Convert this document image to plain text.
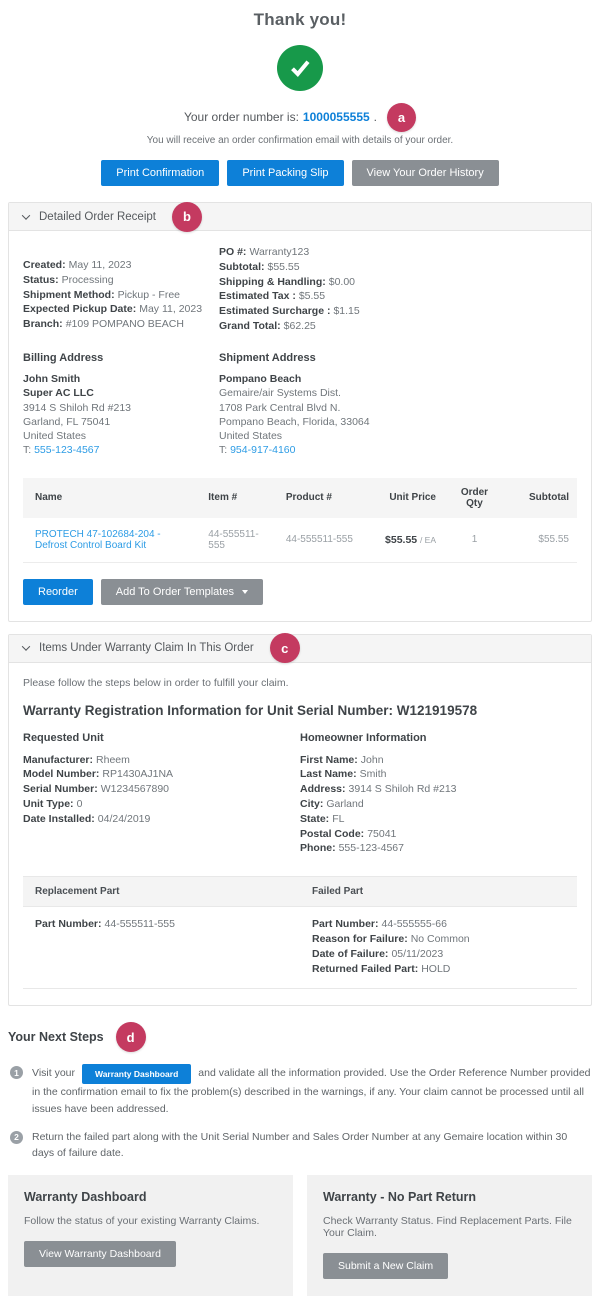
Thank you!
Your order number is: 1000055555 .	a
You will receive an order confirmation email with details of your order.
Print Confirmation	Print Packing Slip	View Your Order History
Detailed Order Receipt	b
Created: May 11, 2023
Status: Processing
Shipment Method: Pickup - Free
Expected Pickup Date: May 11, 2023
Branch: #109 POMPANO BEACH
PO #: Warranty123
Subtotal: $55.55
Shipping & Handling: $0.00
Estimated Tax : $5.55
Estimated Surcharge : $1.15
Grand Total: $62.25
Billing Address
John Smith
Super AC LLC
3914 S Shiloh Rd #213
Garland, FL 75041
United States
T: 555-123-4567
Shipment Address
Pompano Beach
Gemaire/air Systems Dist.
1708 Park Central Blvd N.
Pompano Beach, Florida, 33064
United States
T: 954-917-4160
Name	Item #	Product #	Unit Price	Order Qty	Subtotal
PROTECH 47-102684-204 - Defrost Control Board Kit	44-555511-555	44-555511-555	$55.55 / EA	1	$55.55
Reorder	Add To Order Templates
Items Under Warranty Claim In This Order	c
Please follow the steps below in order to fulfill your claim.
Warranty Registration Information for Unit Serial Number: W121919578
Requested Unit
Manufacturer: Rheem
Model Number: RP1430AJ1NA
Serial Number: W1234567890
Unit Type: 0
Date Installed: 04/24/2019
Homeowner Information
First Name: John
Last Name: Smith
Address: 3914 S Shiloh Rd #213
City: Garland
State: FL
Postal Code: 75041
Phone: 555-123-4567
Replacement Part	Failed Part
Part Number: 44-555511-555	Part Number: 44-555555-66
Reason for Failure: No Common
Date of Failure: 05/11/2023
Returned Failed Part: HOLD
Your Next Steps	d
1	Visit your Warranty Dashboard and validate all the information provided. Use the Order Reference Number provided in the confirmation email to fix the problem(s) described in the warnings, if any. Your claim cannot be processed until all issues have been addressed.
2	Return the failed part along with the Unit Serial Number and Sales Order Number at any Gemaire location within 30 days of failure date.
Warranty Dashboard
Follow the status of your existing Warranty Claims.
View Warranty Dashboard
Warranty - No Part Return
Check Warranty Status. Find Replacement Parts. File Your Claim.
Submit a New Claim
